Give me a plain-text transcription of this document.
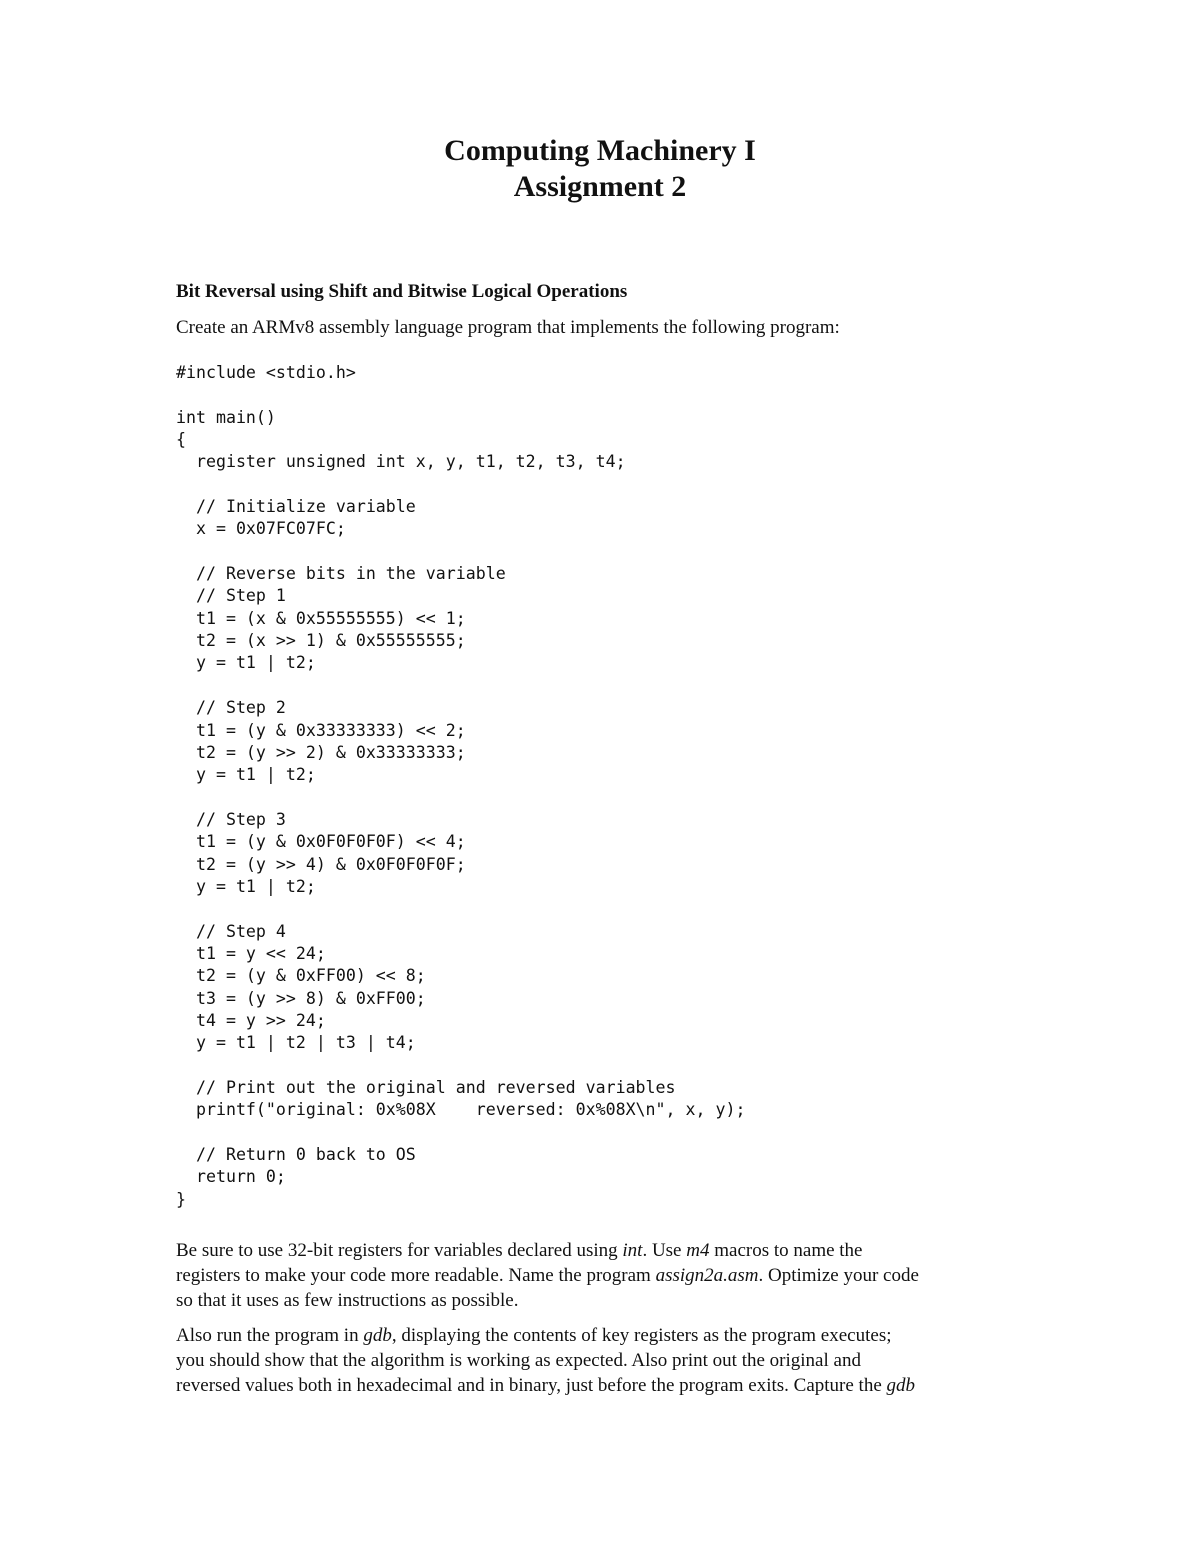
Computing Machinery I
Assignment 2
Bit Reversal using Shift and Bitwise Logical Operations
Create an ARMv8 assembly language program that implements the following program:
#include <stdio.h>
int main()
{
register unsigned int x, y, t1, t2, t3, t4;
// Initialize variable
x = 0x07FC07FC;
// Reverse bits in the variable
// Step 1
t1 = (x & 0x55555555) << 1;
t2 = (x >> 1) & 0x55555555;
y = t1 | t2;
// Step 2
t1 = (y & 0x33333333) << 2;
t2 = (y >> 2) & 0x33333333;
y = t1 | t2;
// Step 3
t1 = (y & 0x0F0F0F0F) << 4;
t2 = (y >> 4) & 0x0F0F0F0F;
y = t1 | t2;
// Step 4
t1 = y << 24;
t2 = (y & 0xFF00) << 8;
t3 = (y >> 8) & 0xFF00;
t4 = y >> 24;
y = t1 | t2 | t3 | t4;
// Print out the original and reversed variables
printf("original: 0x%08X    reversed: 0x%08X\n", x, y);
// Return 0 back to OS
return 0;
}
Be sure to use 32-bit registers for variables declared using int. Use m4 macros to name the
registers to make your code more readable. Name the program assign2a.asm. Optimize your code
so that it uses as few instructions as possible.
Also run the program in gdb, displaying the contents of key registers as the program executes;
you should show that the algorithm is working as expected. Also print out the original and
reversed values both in hexadecimal and in binary, just before the program exits. Capture the gdb
